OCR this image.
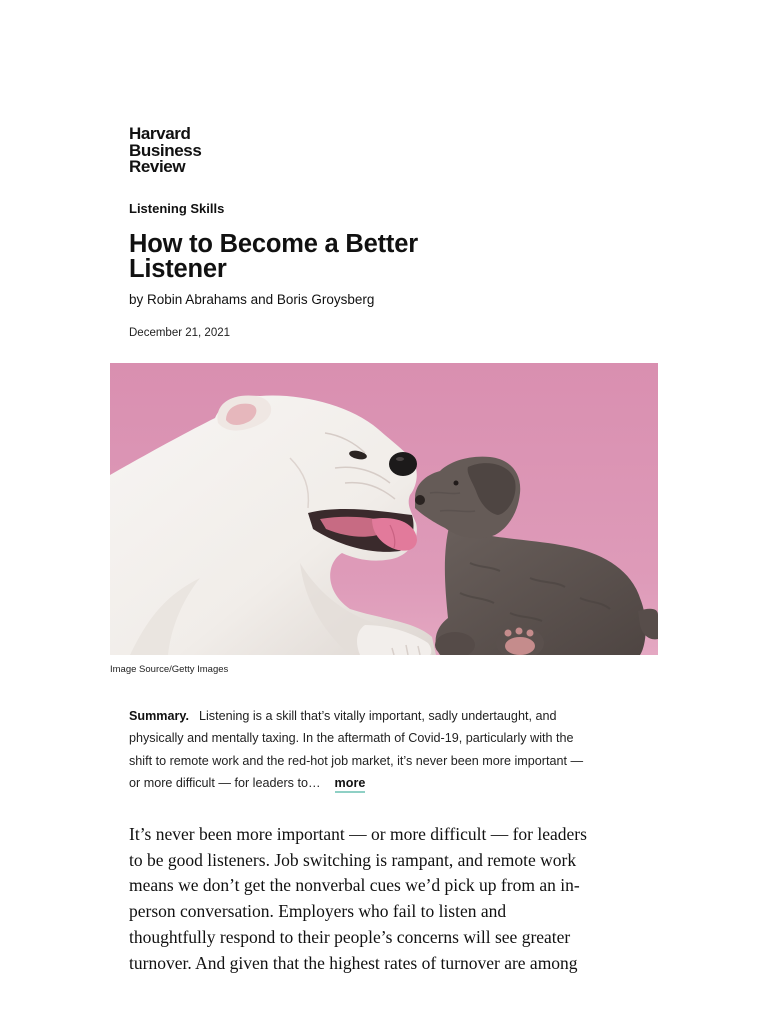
Harvard
Business
Review
Listening Skills
How to Become a Better Listener
by Robin Abrahams and Boris Groysberg
December 21, 2021
Image Source/Getty Images
Summary. Listening is a skill that’s vitally important, sadly undertaught, and
physically and mentally taxing. In the aftermath of Covid-19, particularly with the
shift to remote work and the red-hot job market, it’s never been more important —
or more difficult — for leaders to… more
It’s never been more important — or more difficult — for leaders
to be good listeners. Job switching is rampant, and remote work
means we don’t get the nonverbal cues we’d pick up from an in-
person conversation. Employers who fail to listen and
thoughtfully respond to their people’s concerns will see greater
turnover. And given that the highest rates of turnover are among
